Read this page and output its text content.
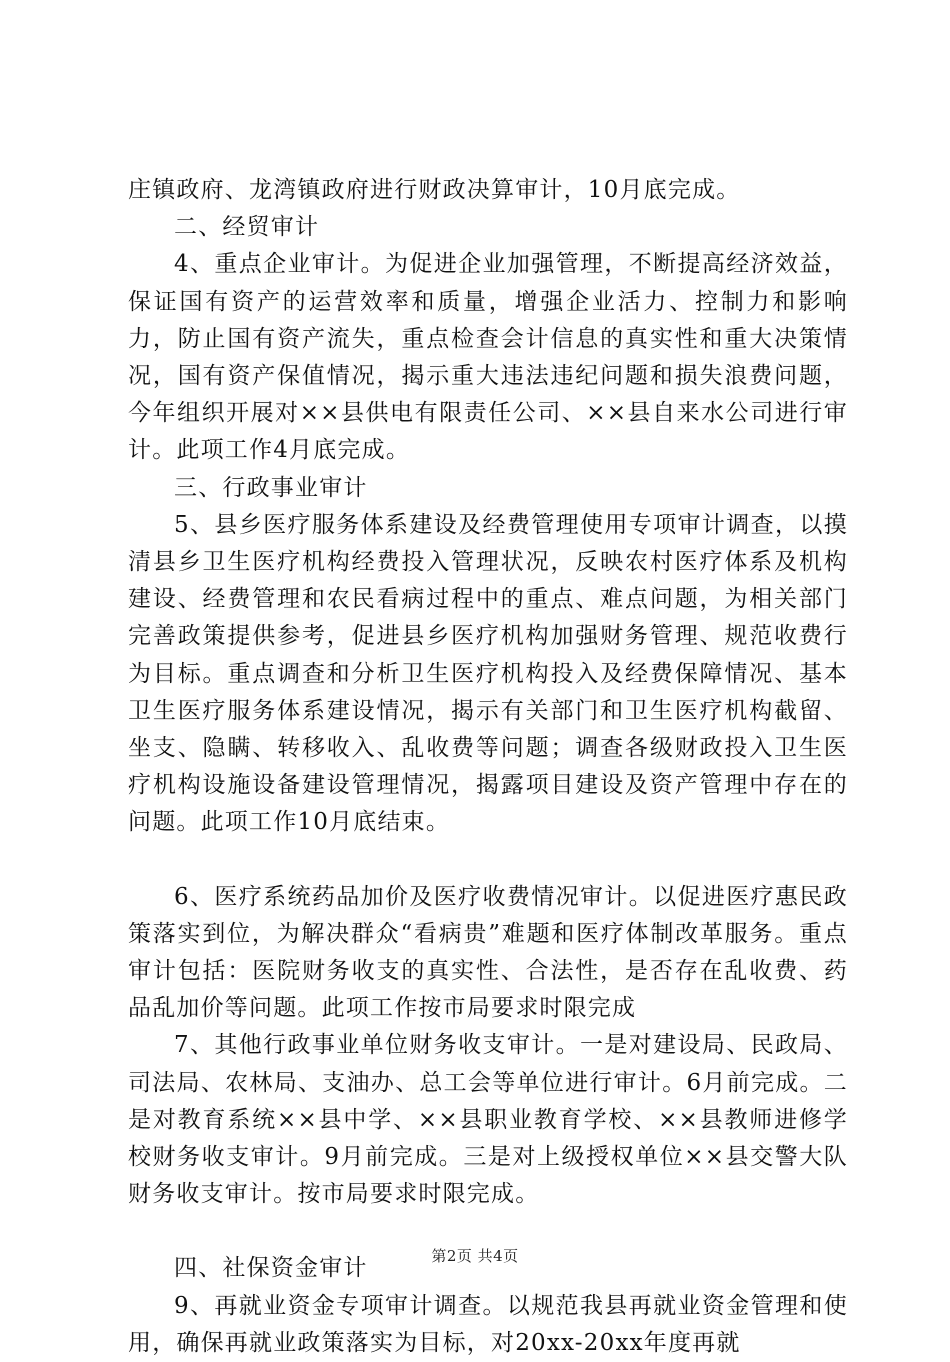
庄镇政府、龙湾镇政府进行财政决算审计，10月底完成。

二、经贸审计

4、重点企业审计。为促进企业加强管理，不断提高经济效益，保证国有资产的运营效率和质量，增强企业活力、控制力和影响力，防止国有资产流失，重点检查会计信息的真实性和重大决策情况，国有资产保值情况，揭示重大违法违纪问题和损失浪费问题，今年组织开展对××县供电有限责任公司、××县自来水公司进行审计。此项工作4月底完成。

三、行政事业审计

5、县乡医疗服务体系建设及经费管理使用专项审计调查，以摸清县乡卫生医疗机构经费投入管理状况，反映农村医疗体系及机构建设、经费管理和农民看病过程中的重点、难点问题，为相关部门完善政策提供参考，促进县乡医疗机构加强财务管理、规范收费行为目标。重点调查和分析卫生医疗机构投入及经费保障情况、基本卫生医疗服务体系建设情况，揭示有关部门和卫生医疗机构截留、坐支、隐瞒、转移收入、乱收费等问题；调查各级财政投入卫生医疗机构设施设备建设管理情况，揭露项目建设及资产管理中存在的问题。此项工作10月底结束。

6、医疗系统药品加价及医疗收费情况审计。以促进医疗惠民政策落实到位，为解决群众“看病贵”难题和医疗体制改革服务。重点审计包括：医院财务收支的真实性、合法性，是否存在乱收费、药品乱加价等问题。此项工作按市局要求时限完成

7、其他行政事业单位财务收支审计。一是对建设局、民政局、司法局、农林局、支油办、总工会等单位进行审计。6月前完成。二是对教育系统××县中学、××县职业教育学校、××县教师进修学校财务收支审计。9月前完成。三是对上级授权单位××县交警大队财务收支审计。按市局要求时限完成。

四、社保资金审计

9、再就业资金专项审计调查。以规范我县再就业资金管理和使用，确保再就业政策落实为目标，对20xx-20xx年度再就

第2页 共4页
